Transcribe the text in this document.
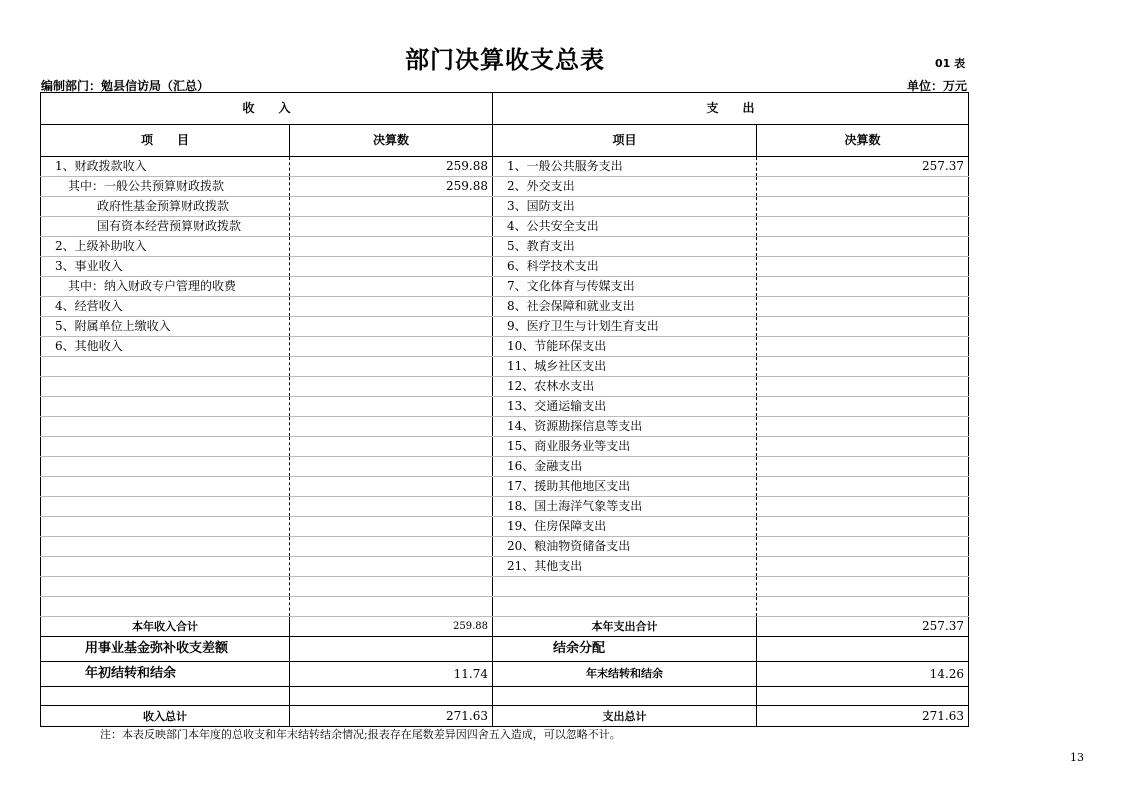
部门决算收支总表	01 表
编制部门：勉县信访局（汇总）	单位：万元
收　　入		支　　出	
项　　目	决算数	项目	决算数
1、财政拨款收入	259.88	1、一般公共服务支出	257.37
其中：一般公共预算财政拨款	259.88	2、外交支出	
政府性基金预算财政拨款		3、国防支出	
国有资本经营预算财政拨款		4、公共安全支出	
2、上级补助收入		5、教育支出	
3、事业收入		6、科学技术支出	
其中：纳入财政专户管理的收费		7、文化体育与传媒支出	
4、经营收入		8、社会保障和就业支出	
5、附属单位上缴收入		9、医疗卫生与计划生育支出	
6、其他收入		10、节能环保支出	
		11、城乡社区支出	
		12、农林水支出	
		13、交通运输支出	
		14、资源勘探信息等支出	
		15、商业服务业等支出	
		16、金融支出	
		17、援助其他地区支出	
		18、国土海洋气象等支出	
		19、住房保障支出	
		20、粮油物资储备支出	
		21、其他支出	

本年收入合计	259.88	本年支出合计	257.37
用事业基金弥补收支差额		结余分配	
年初结转和结余	11.74	年末结转和结余	14.26

收入总计	271.63	支出总计	271.63
注：本表反映部门本年度的总收支和年末结转结余情况;报表存在尾数差异因四舍五入造成，可以忽略不计。
13
